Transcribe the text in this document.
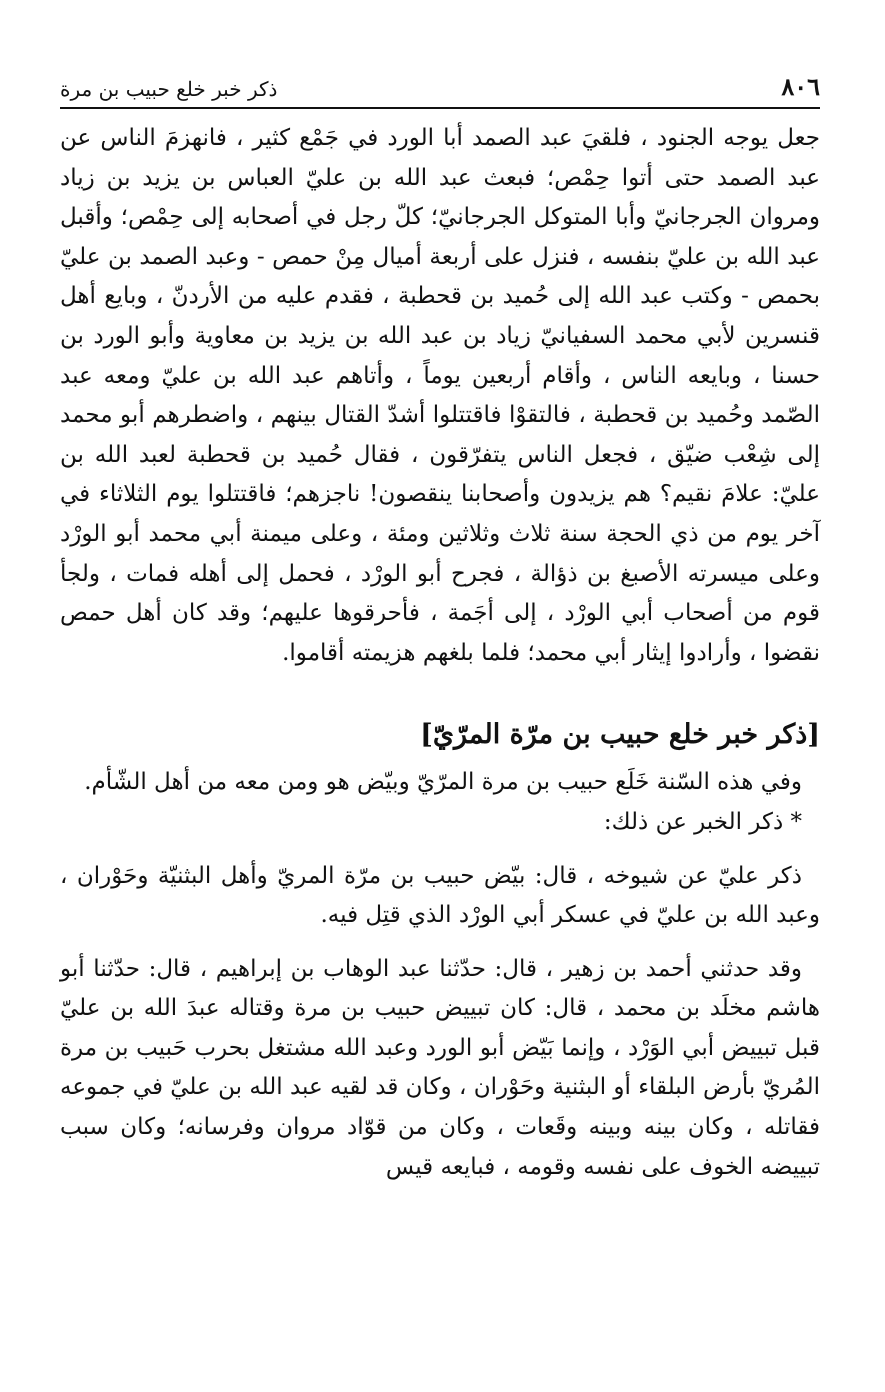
٨٠٦
ذكر خبر خلع حبيب بن مرة

جعل يوجه الجنود ، فلقيَ عبد الصمد أبا الورد في جَمْع كثير ، فانهزمَ الناس عن عبد الصمد حتى أتوا حِمْص؛ فبعث عبد الله بن عليّ العباس بن يزيد بن زياد ومروان الجرجانيّ وأبا المتوكل الجرجانيّ؛ كلّ رجل في أصحابه إلى حِمْص؛ وأقبل عبد الله بن عليّ بنفسه ، فنزل على أربعة أميال مِنْ حمص - وعبد الصمد بن عليّ بحمص - وكتب عبد الله إلى حُميد بن قحطبة ، فقدم عليه من الأردنّ ، وبايع أهل قنسرين لأبي محمد السفيانيّ زياد بن عبد الله بن يزيد بن معاوية وأبو الورد بن حسنا ، وبايعه الناس ، وأقام أربعين يوماً ، وأتاهم عبد الله بن عليّ ومعه عبد الصّمد وحُميد بن قحطبة ، فالتقوْا فاقتتلوا أشدّ القتال بينهم ، واضطرهم أبو محمد إلى شِعْب ضيّق ، فجعل الناس يتفرّقون ، فقال حُميد بن قحطبة لعبد الله بن عليّ: علامَ نقيم؟ هم يزيدون وأصحابنا ينقصون! ناجزهم؛ فاقتتلوا يوم الثلاثاء في آخر يوم من ذي الحجة سنة ثلاث وثلاثين ومئة ، وعلى ميمنة أبي محمد أبو الورْد وعلى ميسرته الأصبغ بن ذؤالة ، فجرح أبو الورْد ، فحمل إلى أهله فمات ، ولجأ قوم من أصحاب أبي الورْد ، إلى أجَمة ، فأحرقوها عليهم؛ وقد كان أهل حمص نقضوا ، وأرادوا إيثار أبي محمد؛ فلما بلغهم هزيمته أقاموا.

[ذكر خبر خلع حبيب بن مرّة المرّيّ]

وفي هذه السّنة خَلَع حبيب بن مرة المرّيّ وبيّض هو ومن معه من أهل الشّأم.

* ذكر الخبر عن ذلك:

ذكر عليّ عن شيوخه ، قال: بيّض حبيب بن مرّة المريّ وأهل البثنيّة وحَوْران ، وعبد الله بن عليّ في عسكر أبي الورْد الذي قتِل فيه.

وقد حدثني أحمد بن زهير ، قال: حدّثنا عبد الوهاب بن إبراهيم ، قال: حدّثنا أبو هاشم مخلَد بن محمد ، قال: كان تبييض حبيب بن مرة وقتاله عبدَ الله بن عليّ قبل تبييض أبي الوَرْد ، وإنما بَيّض أبو الورد وعبد الله مشتغل بحرب حَبيب بن مرة المُريّ بأرض البلقاء أو البثنية وحَوْران ، وكان قد لقيه عبد الله بن عليّ في جموعه فقاتله ، وكان بينه وبينه وقَعات ، وكان من قوّاد مروان وفرسانه؛ وكان سبب تبييضه الخوف على نفسه وقومه ، فبايعه قيس
